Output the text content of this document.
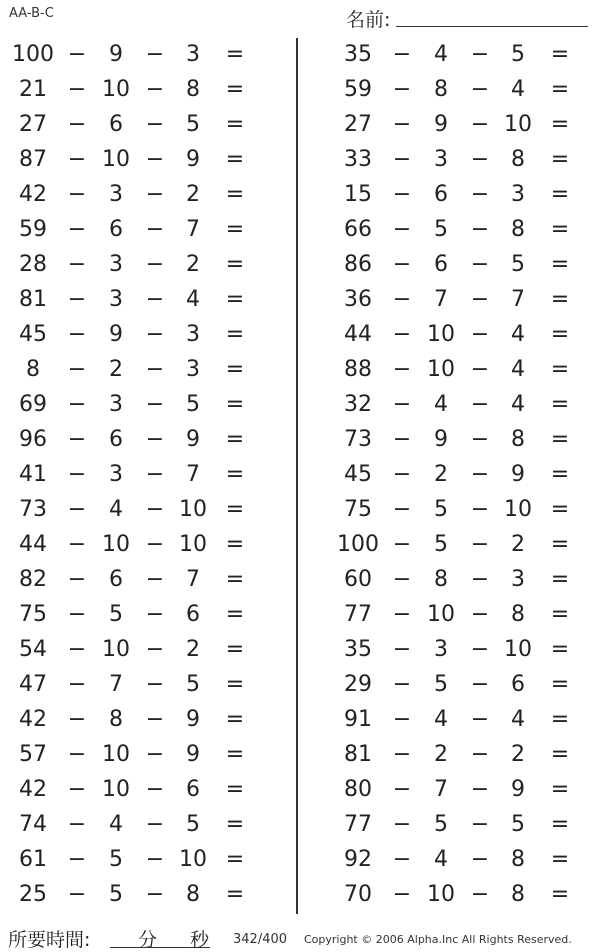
AA-B-C	名前:
100 −	9	− 3	=
21 − 10 − 8	=
27 −	6	− 5	=
87 − 10 − 9	=
42 −	3	− 2	=
59 −	6	− 7	=
28 −	3	− 2	=
81 −	3	− 4	=
45 −	9	− 3	=
8	−	2	− 3	=
69 −	3	− 5	=
96 −	6	− 9	=
41 −	3	− 7	=
73 −	4	− 10 =
44 − 10 − 10 =
82 −	6	− 7	=
75 −	5	− 6	=
54 − 10 − 2	=
47 −	7	− 5	=
42 −	8	− 9	=
57 − 10 − 9	=
42 − 10 − 6	=
74 −	4	− 5	=
61 −	5	− 10 =
25 −	5	− 8	=
35 −	4	− 5	=
59 −	8	− 4	=
27 −	9	− 10 =
33 −	3	− 8	=
15 −	6	− 3	=
66 −	5	− 8	=
86 −	6	− 5	=
36 −	7	− 7	=
44 − 10 − 4	=
88 − 10 − 4	=
32 −	4	− 4	=
73 −	9	− 8	=
45 −	2	− 9	=
75 −	5	− 10 =
100 −	5	− 2	=
60 −	8	− 3	=
77 − 10 − 8	=
35 −	3	− 10 =
29 −	5	− 6	=
91 −	4	− 4	=
81 −	2	− 2	=
80 −	7	− 9	=
77 −	5	− 5	=
92 −	4	− 8	=
70 − 10 − 8	=
所要時間:	分 秒 342/400 Copyright © 2006 Alpha.Inc All Rights Reserved.
